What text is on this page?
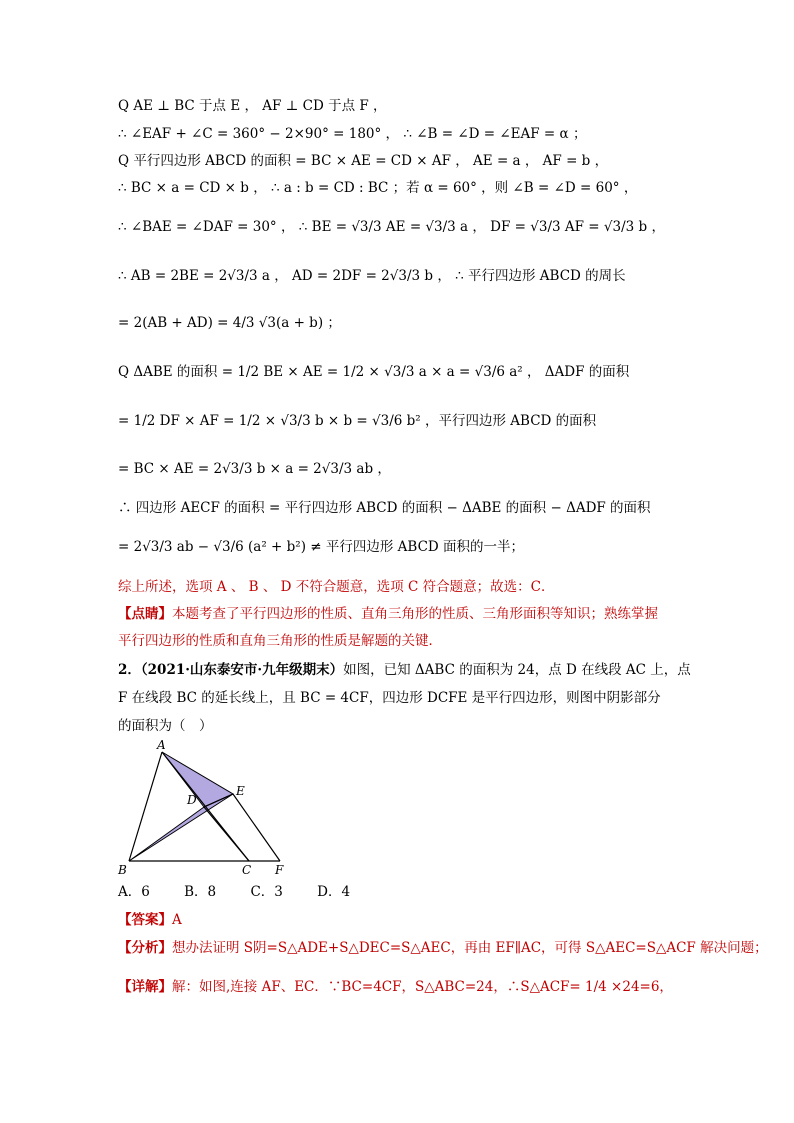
Q AE ⊥ BC 于点 E ， AF ⊥ CD 于点 F ，
∴ ∠EAF + ∠C = 360° − 2×90° = 180° ， ∴ ∠B = ∠D = ∠EAF = α ；
Q 平行四边形 ABCD 的面积 = BC × AE = CD × AF ， AE = a ， AF = b ，
∴ BC × a = CD × b ， ∴ a : b = CD : BC ；若 α = 60° ，则 ∠B = ∠D = 60° ，
∴ ∠BAE = ∠DAF = 30° ， ∴ BE = √3/3 AE = √3/3 a ， DF = √3/3 AF = √3/3 b ，
∴ AB = 2BE = 2√3/3 a ， AD = 2DF = 2√3/3 b ， ∴ 平行四边形 ABCD 的周长
= 2(AB + AD) = 4/3 √3(a + b) ；
Q ΔABE 的面积 = 1/2 BE × AE = 1/2 × √3/3 a × a = √3/6 a² ， ΔADF 的面积
= 1/2 DF × AF = 1/2 × √3/3 b × b = √3/6 b² ，平行四边形 ABCD 的面积
= BC × AE = 2√3/3 b × a = 2√3/3 ab ，
∴ 四边形 AECF 的面积 = 平行四边形 ABCD 的面积 − ΔABE 的面积 − ΔADF 的面积
= 2√3/3 ab − √3/6 (a² + b²) ≠ 平行四边形 ABCD 面积的一半；
综上所述，选项 A 、 B 、 D 不符合题意，选项 C 符合题意；故选：C．
【点睛】本题考查了平行四边形的性质、直角三角形的性质、三角形面积等知识；熟练掌握
平行四边形的性质和直角三角形的性质是解题的关键．
2．（2021·山东泰安市·九年级期末）如图，已知 ΔABC 的面积为 24，点 D 在线段 AC 上，点
F 在线段 BC 的延长线上，且 BC = 4CF，四边形 DCFE 是平行四边形，则图中阴影部分
的面积为（　）
A
B	C
D
E
F
A．6	B．8	C．3	D．4
【答案】A
【分析】想办法证明 S阴=S△ADE+S△DEC=S△AEC，再由 EF∥AC，可得 S△AEC=S△ACF 解决问题；
【详解】解：如图,连接 AF、EC．∵BC=4CF，S△ABC=24，∴S△ACF= 1/4 ×24=6，
